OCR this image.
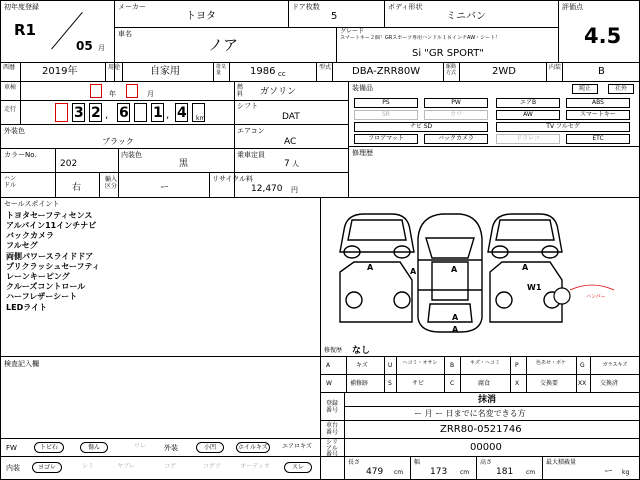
初年度登録
R1
05 月
メーカー
トヨタ
ドア枚数
5
ボディ形状
ミニバン
評価点
4.5
車名
ノア
グレード
スマートキー２個！GRスポーツ専用ハンドル１８インチAW・シート！
Si "GR SPORT"
西暦	2019年	用途	自家用	排気量	1986 cc
型式 DBA-ZRR80W	駆動方式	2WD	内装	B
車検
年	月
走行	3 ,
2 6 1 , 4 km
燃料	ガソリン
シフト
DAT
外装色
ブラック
エアコン
AC
カラーNo.
202
内装色
黒
乗車定員
7 人
ハンドル	右
輸入区分	ー
リサイクル料
12,470 円
装備品	純正	社外
PS	PW	エアB	ABS
SR	カワ	AW	スマートキー
ナビ SD	TV フルセグ
フロアマット	バックカメラ	ドラレコ	ETC
修理歴
セールスポイント
トヨタセーフティセンス
アルパイン11インチナビ
バックカメラ
フルセグ
両側パワースライドドア
プリクラッシュセーフティ
レーンキーピング
クルーズコントロール
ハーフレザーシート
LEDライト
検査記入欄
A	A	A	A
A
W1
A
バンパー
修復歴 なし
A	キズ	U	ヘコミ・オサレ	B	キズ・ヘコミ	P	色あせ・ボケ	G	ガラスキズ
W	補修跡	S	サビ	C	腐食	X	交換要	XX 交換済
登録番号
抹消
ー 月 ー 日までに名変できる方
車台番号	ZRR80-0521746
シリアル番号
00000
長さ
479 cm
幅
173 cm
高さ
181 cm
最大積載量
ー kg
FW	トビ石	傷ん	ワレ	外装	小凹	ホイルキズ	エアロキズ
内装	ヨゴレ	シミ	ヤブレ	コゲ	コゲア	オーディオ	スレ
